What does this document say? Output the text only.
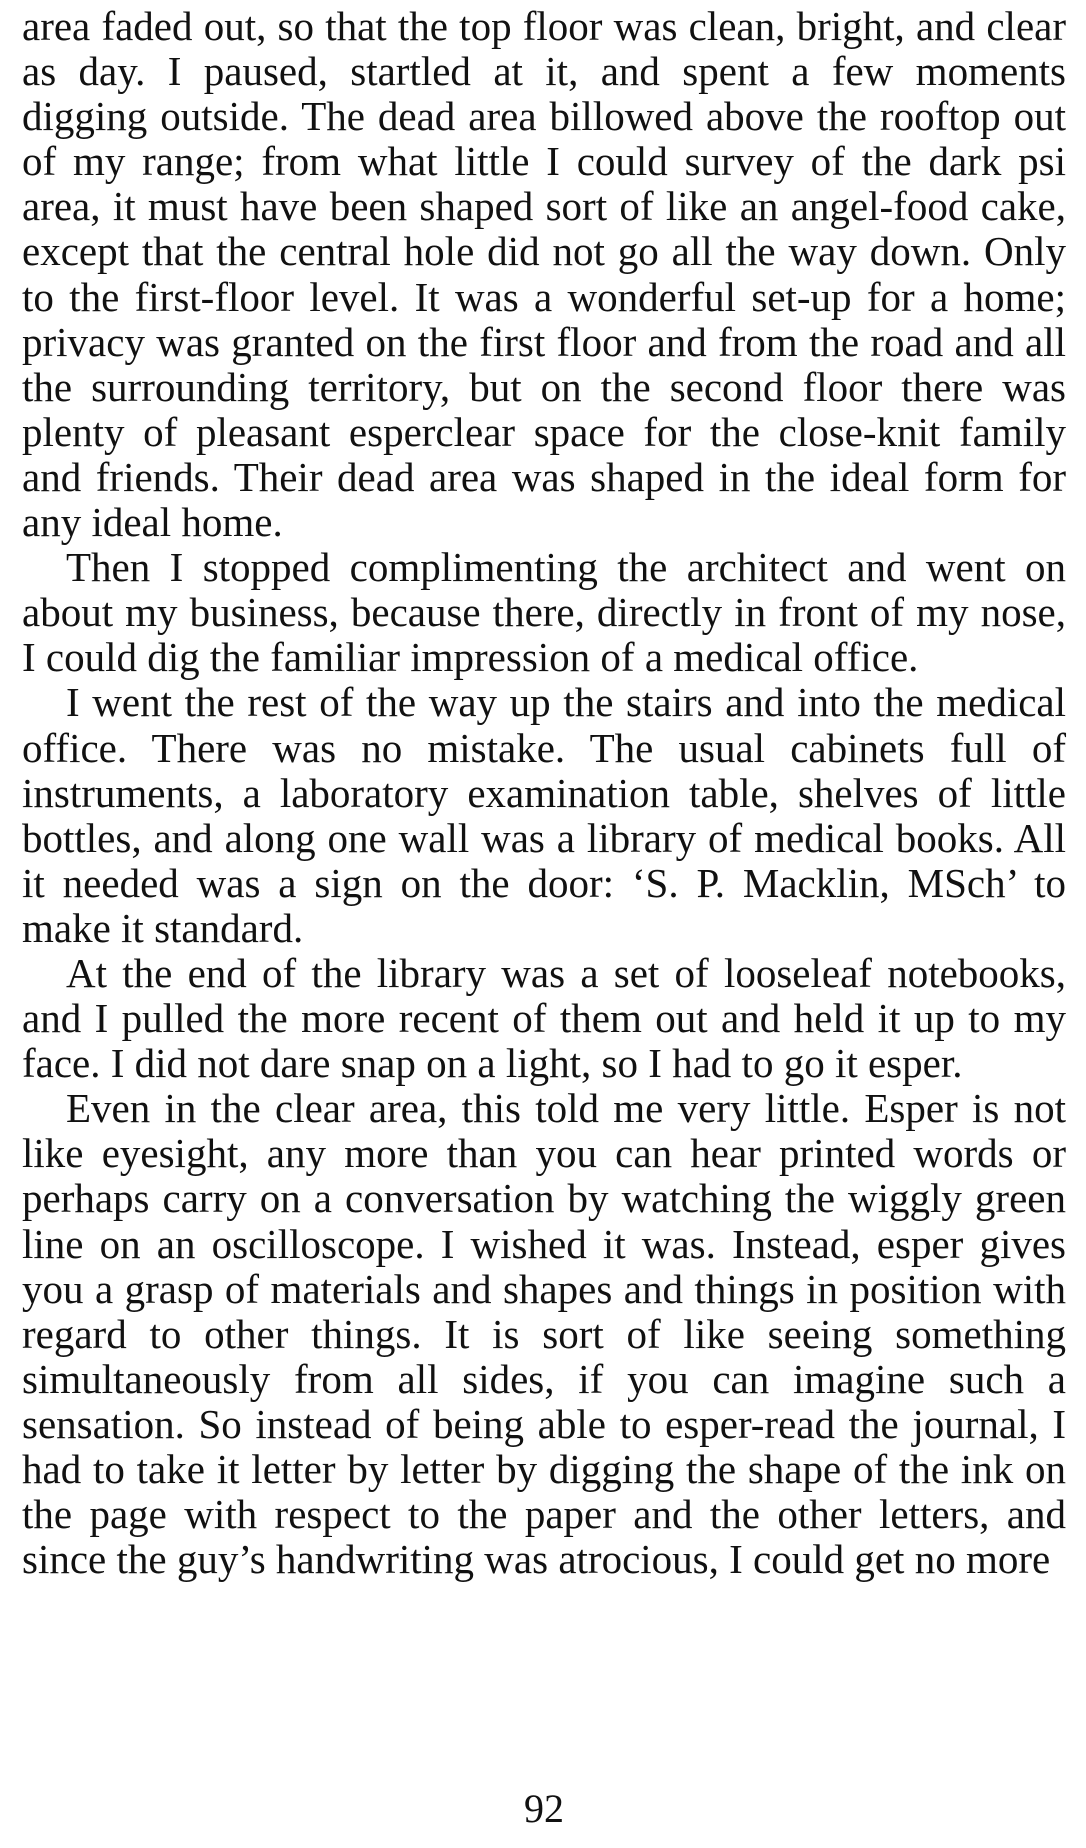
area faded out, so that the top floor was clean, bright, and clear as day. I paused, startled at it, and spent a few moments digging outside. The dead area billowed above the rooftop out of my range; from what little I could survey of the dark psi area, it must have been shaped sort of like an angel-food cake, except that the central hole did not go all the way down. Only to the first-floor level. It was a wonderful set-up for a home; privacy was granted on the first floor and from the road and all the surrounding territory, but on the second floor there was plenty of pleasant esperclear space for the close-knit family and friends. Their dead area was shaped in the ideal form for any ideal home.

Then I stopped complimenting the architect and went on about my business, because there, directly in front of my nose, I could dig the familiar impression of a medical office.

I went the rest of the way up the stairs and into the medical office. There was no mistake. The usual cabinets full of instruments, a laboratory examination table, shelves of little bottles, and along one wall was a library of medical books. All it needed was a sign on the door: ‘S. P. Macklin, MSch’ to make it standard.

At the end of the library was a set of looseleaf notebooks, and I pulled the more recent of them out and held it up to my face. I did not dare snap on a light, so I had to go it esper.

Even in the clear area, this told me very little. Esper is not like eyesight, any more than you can hear printed words or perhaps carry on a conversation by watching the wiggly green line on an oscilloscope. I wished it was. Instead, esper gives you a grasp of materials and shapes and things in position with regard to other things. It is sort of like seeing something simultaneously from all sides, if you can imagine such a sensation. So instead of being able to esper-read the journal, I had to take it letter by letter by digging the shape of the ink on the page with respect to the paper and the other letters, and since the guy’s handwriting was atrocious, I could get no more

92
